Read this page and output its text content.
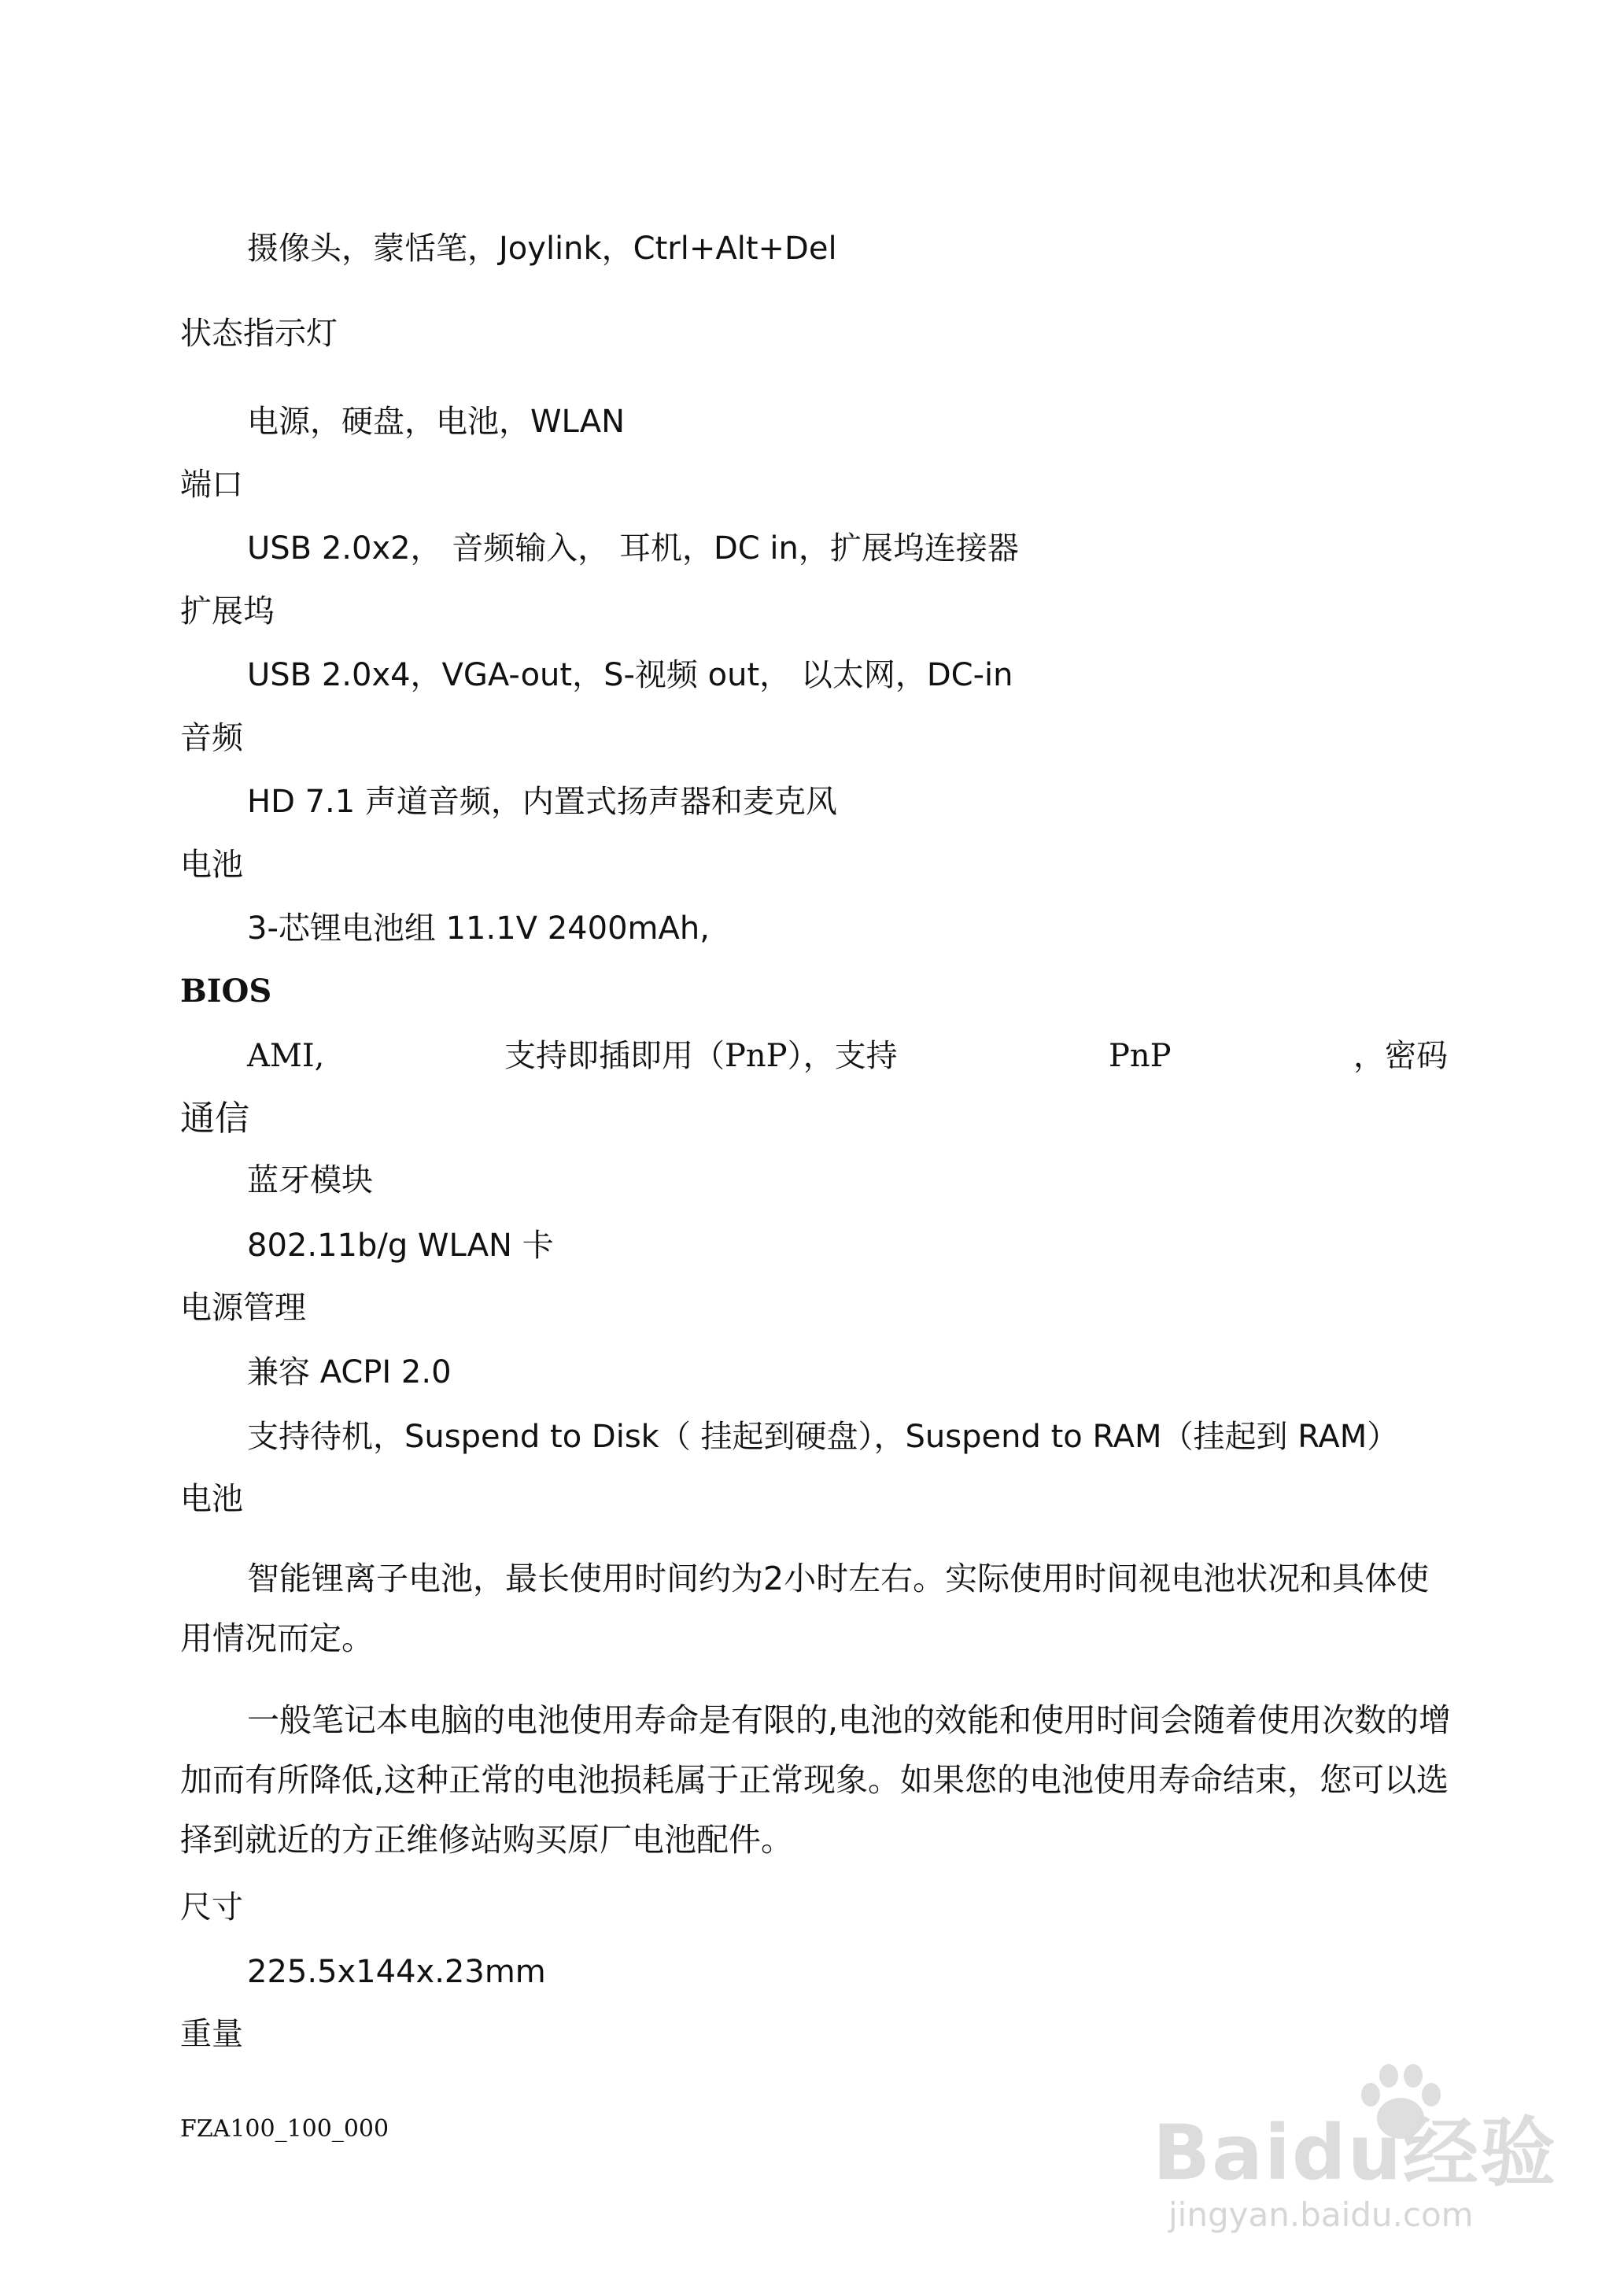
摄像头，蒙恬笔，Joylink，Ctrl+Alt+Del
状态指示灯
电源，硬盘，电池，WLAN
端口
USB 2.0x2， 音频输入， 耳机，DC in，扩展坞连接器
扩展坞
USB 2.0x4，VGA-out，S-视频 out， 以太网，DC-in
音频
HD 7.1 声道音频，内置式扬声器和麦克风
电池
3-芯锂电池组 11.1V 2400mAh,
BIOS
AMI,	支持即插即用（PnP），支持	PnP	，密码
通信
蓝牙模块
802.11b/g WLAN 卡
电源管理
兼容 ACPI 2.0
支持待机，Suspend to Disk（ 挂起到硬盘），Suspend to RAM（挂起到 RAM）
电池

智能锂离子电池，最长使用时间约为2小时左右。实际使用时间视电池状况和具体使用情况而定。

一般笔记本电脑的电池使用寿命是有限的,电池的效能和使用时间会随着使用次数的增加而有所降低,这种正常的电池损耗属于正常现象。如果您的电池使用寿命结束，您可以选择到就近的方正维修站购买原厂电池配件。

尺寸
225.5x144x.23mm
重量
FZA100_100_000	Baidu经验
jingyan.baidu.com
